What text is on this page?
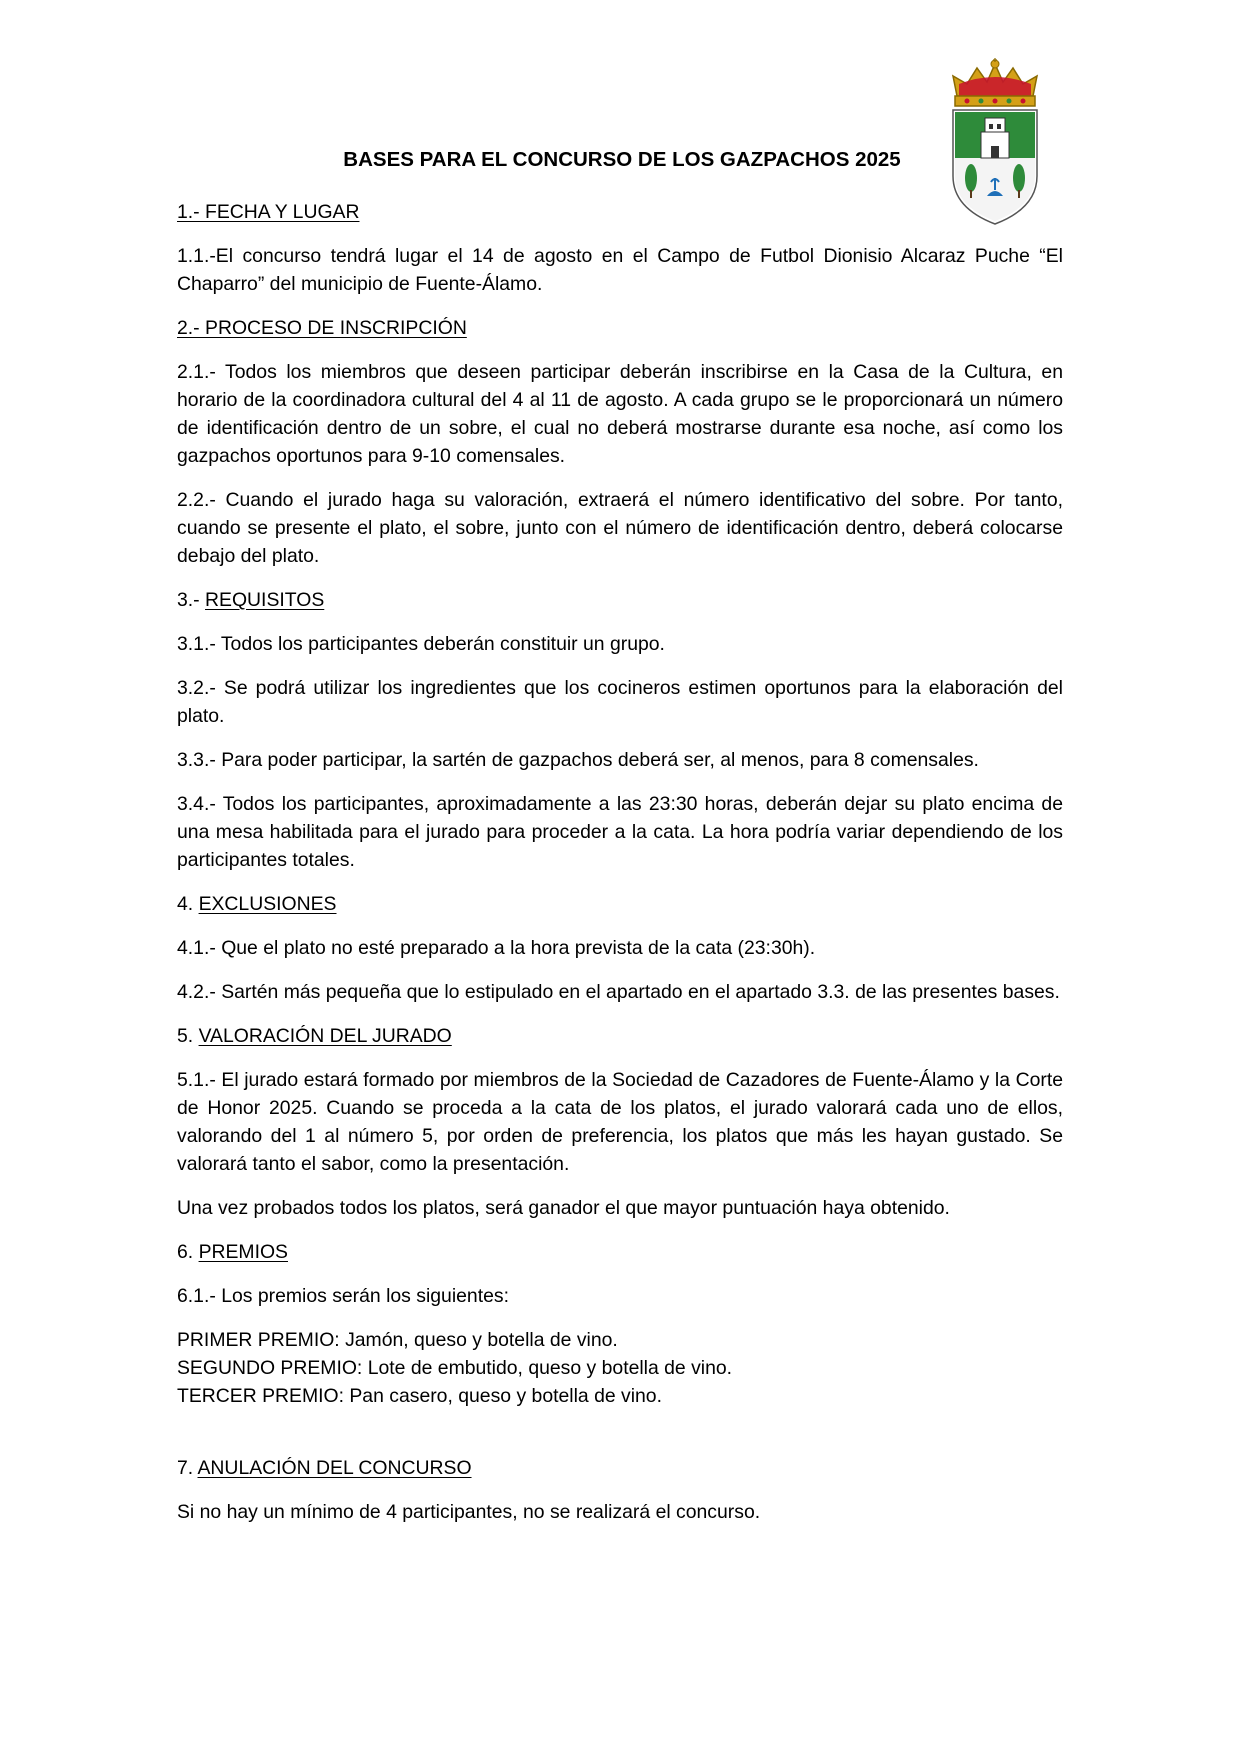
BASES PARA EL CONCURSO DE LOS GAZPACHOS 2025
1.- FECHA Y LUGAR

1.1.-El concurso tendrá lugar el 14 de agosto en el Campo de Futbol Dionisio Alcaraz Puche “El Chaparro” del municipio de Fuente-Álamo.

2.- PROCESO DE INSCRIPCIÓN

2.1.- Todos los miembros que deseen participar deberán inscribirse en la Casa de la Cultura, en horario de la coordinadora cultural del 4 al 11 de agosto. A cada grupo se le proporcionará un número de identificación dentro de un sobre, el cual no deberá mostrarse durante esa noche, así como los gazpachos oportunos para 9-10 comensales.

2.2.- Cuando el jurado haga su valoración, extraerá el número identificativo del sobre. Por tanto, cuando se presente el plato, el sobre, junto con el número de identificación dentro, deberá colocarse debajo del plato.

3.- REQUISITOS

3.1.- Todos los participantes deberán constituir un grupo.

3.2.- Se podrá utilizar los ingredientes que los cocineros estimen oportunos para la elaboración del plato.

3.3.- Para poder participar, la sartén de gazpachos deberá ser, al menos, para 8 comensales.

3.4.- Todos los participantes, aproximadamente a las 23:30 horas, deberán dejar su plato encima de una mesa habilitada para el jurado para proceder a la cata. La hora podría variar dependiendo de los participantes totales.

4. EXCLUSIONES

4.1.- Que el plato no esté preparado a la hora prevista de la cata (23:30h).

4.2.- Sartén más pequeña que lo estipulado en el apartado en el apartado 3.3. de las presentes bases.

5. VALORACIÓN DEL JURADO

5.1.- El jurado estará formado por miembros de la Sociedad de Cazadores de Fuente-Álamo y la Corte de Honor 2025. Cuando se proceda a la cata de los platos, el jurado valorará cada uno de ellos, valorando del 1 al número 5, por orden de preferencia, los platos que más les hayan gustado. Se valorará tanto el sabor, como la presentación.

Una vez probados todos los platos, será ganador el que mayor puntuación haya obtenido.

6. PREMIOS

6.1.- Los premios serán los siguientes:

PRIMER PREMIO: Jamón, queso y botella de vino.
SEGUNDO PREMIO: Lote de embutido, queso y botella de vino.
TERCER PREMIO: Pan casero, queso y botella de vino.
7. ANULACIÓN DEL CONCURSO

Si no hay un mínimo de 4 participantes, no se realizará el concurso.
